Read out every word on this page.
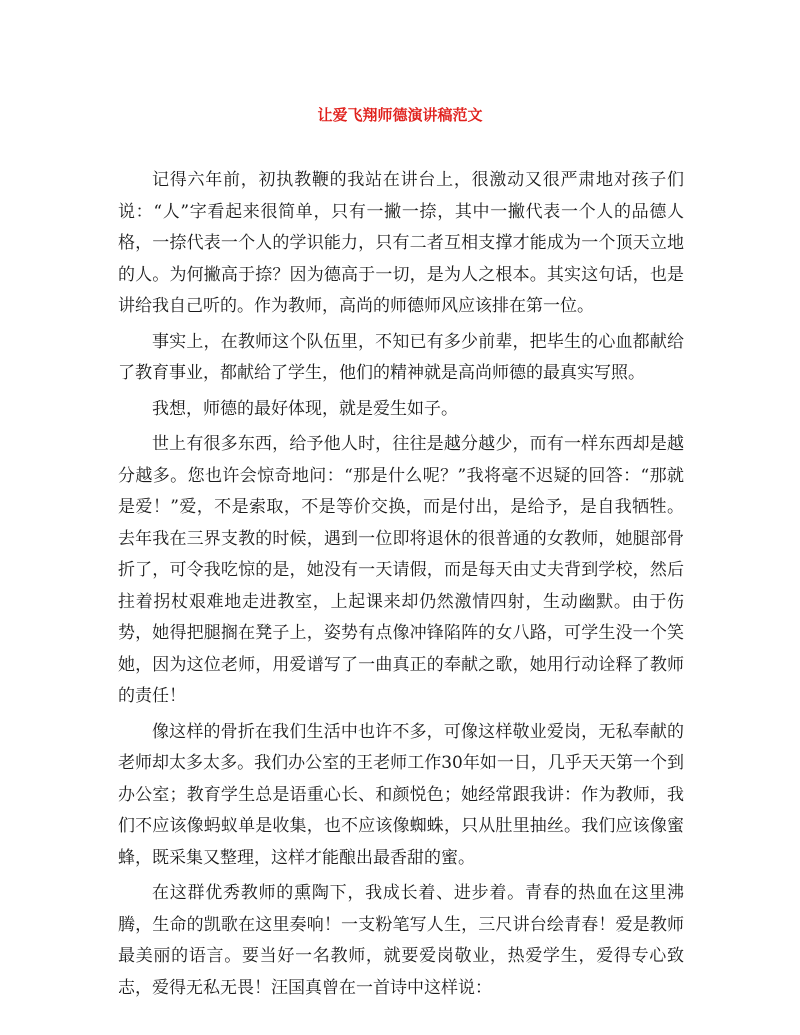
让爱飞翔师德演讲稿范文

记得六年前，初执教鞭的我站在讲台上，很激动又很严肃地对孩子们说：“人”字看起来很简单，只有一撇一捺，其中一撇代表一个人的品德人格，一捺代表一个人的学识能力，只有二者互相支撑才能成为一个顶天立地的人。为何撇高于捺？因为德高于一切，是为人之根本。其实这句话，也是讲给我自己听的。作为教师，高尚的师德师风应该排在第一位。

事实上，在教师这个队伍里，不知已有多少前辈，把毕生的心血都献给了教育事业，都献给了学生，他们的精神就是高尚师德的最真实写照。

我想，师德的最好体现，就是爱生如子。

世上有很多东西，给予他人时，往往是越分越少，而有一样东西却是越分越多。您也许会惊奇地问：“那是什么呢？”我将毫不迟疑的回答：“那就是爱！”爱，不是索取，不是等价交换，而是付出，是给予，是自我牺牲。去年我在三界支教的时候，遇到一位即将退休的很普通的女教师，她腿部骨折了，可令我吃惊的是，她没有一天请假，而是每天由丈夫背到学校，然后拄着拐杖艰难地走进教室，上起课来却仍然激情四射，生动幽默。由于伤势，她得把腿搁在凳子上，姿势有点像冲锋陷阵的女八路，可学生没一个笑她，因为这位老师，用爱谱写了一曲真正的奉献之歌，她用行动诠释了教师的责任！

像这样的骨折在我们生活中也许不多，可像这样敬业爱岗，无私奉献的老师却太多太多。我们办公室的王老师工作30年如一日，几乎天天第一个到办公室；教育学生总是语重心长、和颜悦色；她经常跟我讲：作为教师，我们不应该像蚂蚁单是收集，也不应该像蜘蛛，只从肚里抽丝。我们应该像蜜蜂，既采集又整理，这样才能酿出最香甜的蜜。

在这群优秀教师的熏陶下，我成长着、进步着。青春的热血在这里沸腾，生命的凯歌在这里奏响！一支粉笔写人生，三尺讲台绘青春！爱是教师最美丽的语言。要当好一名教师，就要爱岗敬业，热爱学生，爱得专心致志，爱得无私无畏！汪国真曾在一首诗中这样说：
